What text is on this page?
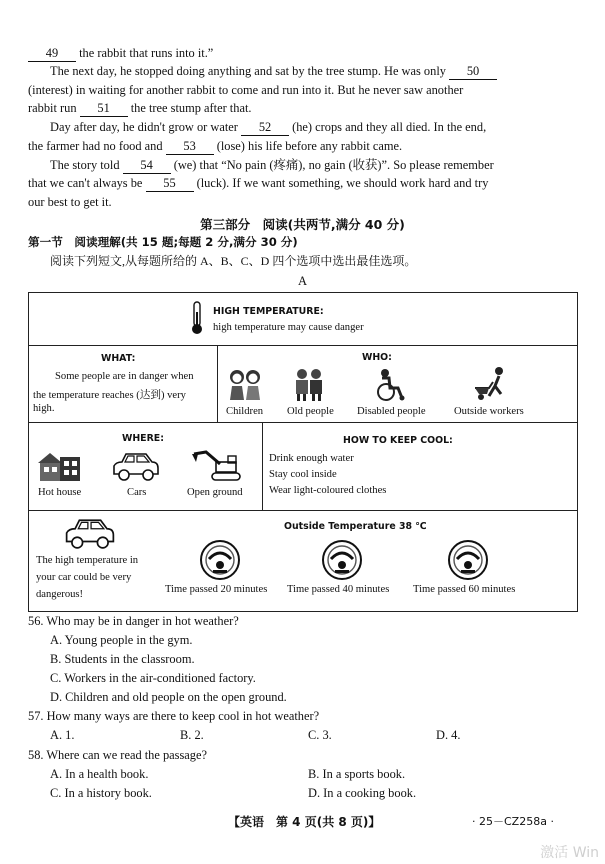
49 the rabbit that runs into it.”
The next day, he stopped doing anything and sat by the tree stump. He was only 50
(interest) in waiting for another rabbit to come and run into it. But he never saw another
rabbit run 51 the tree stump after that.
Day after day, he didn't grow or water 52 (he) crops and they all died. In the end,
the farmer had no food and 53 (lose) his life before any rabbit came.
The story told 54 (we) that “No pain (疼痛), no gain (收获)”. So please remember
that we can't always be 55 (luck). If we want something, we should work hard and try
our best to get it.
第三部分　阅读(共两节,满分 40 分)
第一节　阅读理解(共 15 题;每题 2 分,满分 30 分)
阅读下列短文,从每题所给的 A、B、C、D 四个选项中选出最佳选项。
A
HIGH TEMPERATURE:
high temperature may cause danger
WHAT:
Some people are in danger when
the temperature reaches (达到) very
high.
WHO:
Children Old people Disabled people	Outside workers
WHERE:
Hot house	Cars	Open ground
HOW TO KEEP COOL:
Drink enough water
Stay cool inside
Wear light-coloured clothes
The high temperature in
your car could be very
dangerous!
Outside Temperature 38 ℃
Time passed 20 minutes Time passed 40 minutes Time passed 60 minutes
56. Who may be in danger in hot weather?
A. Young people in the gym.
B. Students in the classroom.
C. Workers in the air-conditioned factory.
D. Children and old people on the open ground.
57. How many ways are there to keep cool in hot weather?
A. 1.	B. 2.	C. 3.	D. 4.
58. Where can we read the passage?
A. In a health book.	B. In a sports book.
C. In a history book.	D. In a cooking book.
【英语　第 4 页(共 8 页)】	· 25－CZ258a ·
激活 Win
